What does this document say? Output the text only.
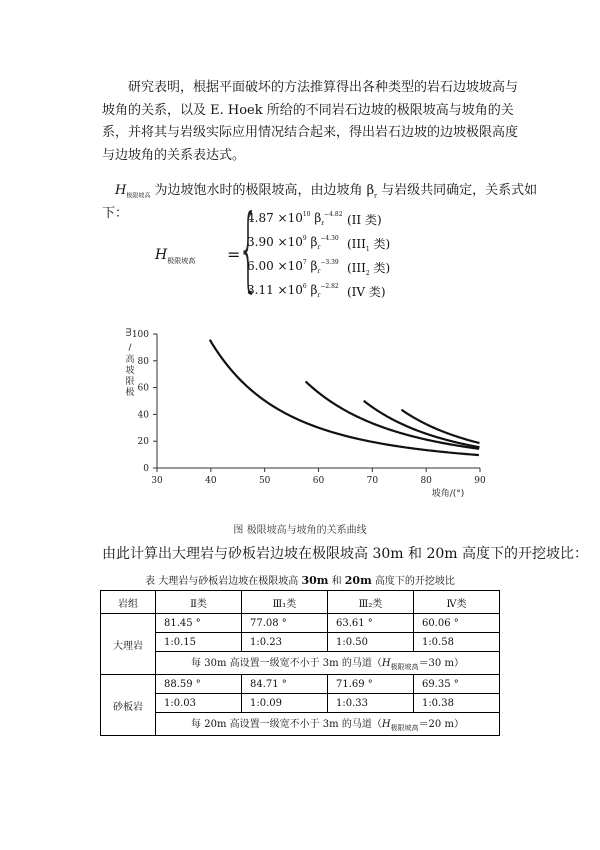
研究表明，根据平面破坏的方法推算得出各种类型的岩石边坡坡高与坡角的关系，以及 E. Hoek 所给的不同岩石边坡的极限坡高与坡角的关系，并将其与岩级实际应用情况结合起来，得出岩石边坡的边坡极限高度与边坡角的关系表达式。

$H_{极限坡高}$ 为边坡饱水时的极限坡高，由边坡角 $\beta_r$ 与岩级共同确定，关系式如
下：
$H_{极限坡高}$ =
{
$4.87 \times 10^{10}$ $\beta_r^{-4.82}$ (II 类)
$3.90 \times 10^9$ $\beta_r^{-4.30}$ ($III_1$ 类)
$6.00 \times 10^7$ $\beta_r^{-3.39}$ ($III_2$ 类)
$3.11 \times 10^6$ $\beta_r^{-2.82}$ (IV 类)
0
20
40
60
80
100
30	40	50	60	70	80	90
m
/
高
坡
限
极
坡角/(°)
图 极限坡高与坡角的关系曲线
由此计算出大理岩与砂板岩边坡在极限坡高 30m 和 20m 高度下的开挖坡比：
表 大理岩与砂板岩边坡在极限坡高 30m 和 20m 高度下的开挖坡比
岩组	Ⅱ类	Ⅲ₁类	Ⅲ₂类	Ⅳ类
大理岩	81.45 °	77.08 °	63.61 °	60.06 °
	1:0.15	1:0.23	1:0.50	1:0.58
	每 30m 高设置一级宽不小于 3m 的马道（$H_{极限坡高}=30$ m）			
砂板岩	88.59 °	84.71 °	71.69 °	69.35 °
	1:0.03	1:0.09	1:0.33	1:0.38
	每 20m 高设置一级宽不小于 3m 的马道（$H_{极限坡高}=20$ m）			
